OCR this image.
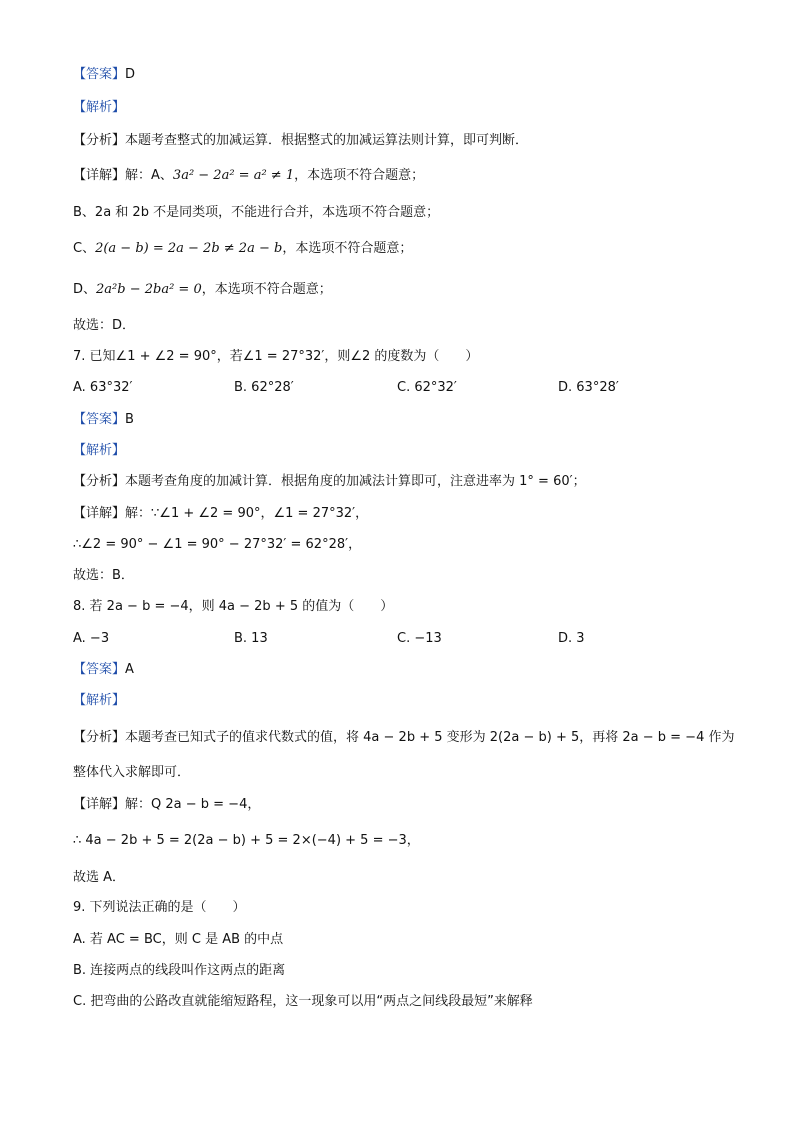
【答案】D
【解析】
【分析】本题考查整式的加减运算．根据整式的加减运算法则计算，即可判断．
【详解】解：A、3a² − 2a² = a² ≠ 1，本选项不符合题意；
B、2a 和 2b 不是同类项，不能进行合并，本选项不符合题意；
C、2(a − b) = 2a − 2b ≠ 2a − b，本选项不符合题意；
D、2a²b − 2ba² = 0，本选项不符合题意；
故选：D．
7. 已知∠1 + ∠2 = 90°，若∠1 = 27°32′，则∠2 的度数为（　　）
A. 63°32′	B. 62°28′	C. 62°32′	D. 63°28′
【答案】B
【解析】
【分析】本题考查角度的加减计算．根据角度的加减法计算即可，注意进率为 1° = 60′；
【详解】解：∵∠1 + ∠2 = 90°，∠1 = 27°32′，
∴∠2 = 90° − ∠1 = 90° − 27°32′ = 62°28′，
故选：B．
8. 若 2a − b = −4，则 4a − 2b + 5 的值为（　　）
A. −3	B. 13	C. −13	D. 3
【答案】A
【解析】
【分析】本题考查已知式子的值求代数式的值，将 4a − 2b + 5 变形为 2(2a − b) + 5，再将 2a − b = −4 作为
整体代入求解即可．
【详解】解：Q 2a − b = −4，
∴ 4a − 2b + 5 = 2(2a − b) + 5 = 2×(−4) + 5 = −3，
故选 A．
9. 下列说法正确的是（　　）
A. 若 AC = BC，则 C 是 AB 的中点
B. 连接两点的线段叫作这两点的距离
C. 把弯曲的公路改直就能缩短路程，这一现象可以用“两点之间线段最短”来解释
